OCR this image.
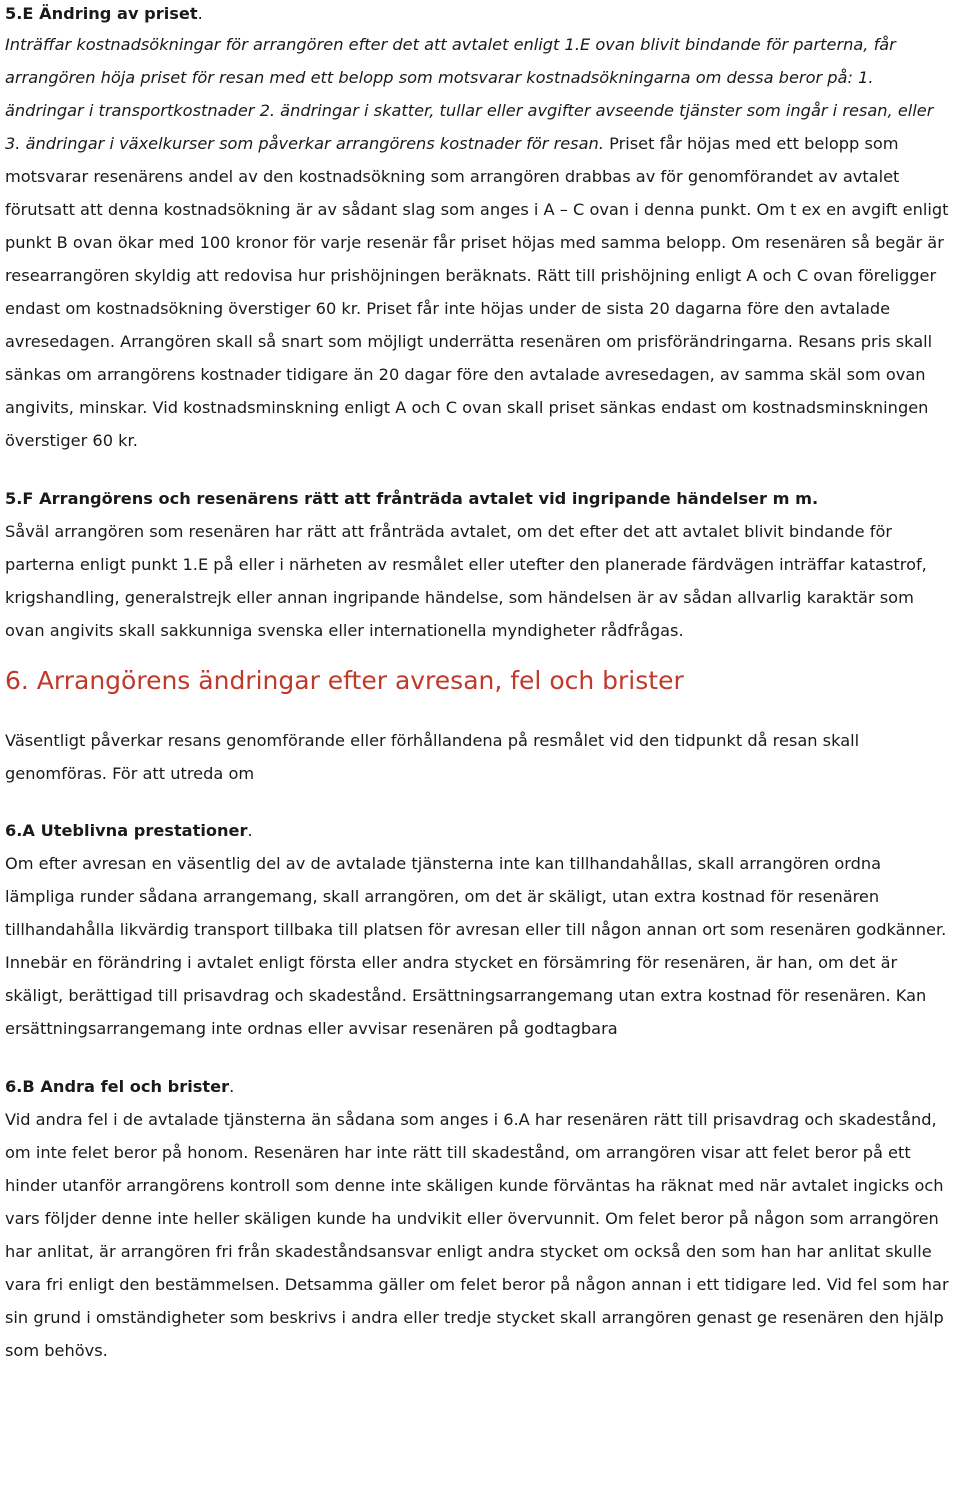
5.E Ändring av priset.

Inträffar kostnadsökningar för arrangören efter det att avtalet enligt 1.E ovan blivit bindande för parterna, får arrangören höja priset för resan med ett belopp som motsvarar kostnadsökningarna om dessa beror på: 1. ändringar i transportkostnader 2. ändringar i skatter, tullar eller avgifter avseende tjänster som ingår i resan, eller 3. ändringar i växelkurser som påverkar arrangörens kostnader för resan. Priset får höjas med ett belopp som motsvarar resenärens andel av den kostnadsökning som arrangören drabbas av för genomförandet av avtalet förutsatt att denna kostnadsökning är av sådant slag som anges i A – C ovan i denna punkt. Om t ex en avgift enligt punkt B ovan ökar med 100 kronor för varje resenär får priset höjas med samma belopp. Om resenären så begär är researrangören skyldig att redovisa hur prishöjningen beräknats. Rätt till prishöjning enligt A och C ovan föreligger endast om kostnadsökning överstiger 60 kr. Priset får inte höjas under de sista 20 dagarna före den avtalade avresedagen. Arrangören skall så snart som möjligt underrätta resenären om prisförändringarna. Resans pris skall sänkas om arrangörens kostnader tidigare än 20 dagar före den avtalade avresedagen, av samma skäl som ovan angivits, minskar. Vid kostnadsminskning enligt A och C ovan skall priset sänkas endast om kostnadsminskningen överstiger 60 kr.

5.F Arrangörens och resenärens rätt att frånträda avtalet vid ingripande händelser m m.

Såväl arrangören som resenären har rätt att frånträda avtalet, om det efter det att avtalet blivit bindande för parterna enligt punkt 1.E på eller i närheten av resmålet eller utefter den planerade färdvägen inträffar katastrof, krigshandling, generalstrejk eller annan ingripande händelse, som händelsen är av sådan allvarlig karaktär som ovan angivits skall sakkunniga svenska eller internationella myndigheter rådfrågas.

6. Arrangörens ändringar efter avresan, fel och brister

Väsentligt påverkar resans genomförande eller förhållandena på resmålet vid den tidpunkt då resan skall genomföras. För att utreda om

6.A Uteblivna prestationer.

Om efter avresan en väsentlig del av de avtalade tjänsterna inte kan tillhandahållas, skall arrangören ordna lämpliga runder sådana arrangemang, skall arrangören, om det är skäligt, utan extra kostnad för resenären tillhandahålla likvärdig transport tillbaka till platsen för avresan eller till någon annan ort som resenären godkänner. Innebär en förändring i avtalet enligt första eller andra stycket en försämring för resenären, är han, om det är skäligt, berättigad till prisavdrag och skadestånd. Ersättningsarrangemang utan extra kostnad för resenären. Kan ersättningsarrangemang inte ordnas eller avvisar resenären på godtagbara

6.B Andra fel och brister.

Vid andra fel i de avtalade tjänsterna än sådana som anges i 6.A har resenären rätt till prisavdrag och skadestånd, om inte felet beror på honom. Resenären har inte rätt till skadestånd, om arrangören visar att felet beror på ett hinder utanför arrangörens kontroll som denne inte skäligen kunde förväntas ha räknat med när avtalet ingicks och vars följder denne inte heller skäligen kunde ha undvikit eller övervunnit. Om felet beror på någon som arrangören har anlitat, är arrangören fri från skadeståndsansvar enligt andra stycket om också den som han har anlitat skulle vara fri enligt den bestämmelsen. Detsamma gäller om felet beror på någon annan i ett tidigare led. Vid fel som har sin grund i omständigheter som beskrivs i andra eller tredje stycket skall arrangören genast ge resenären den hjälp som behövs.
